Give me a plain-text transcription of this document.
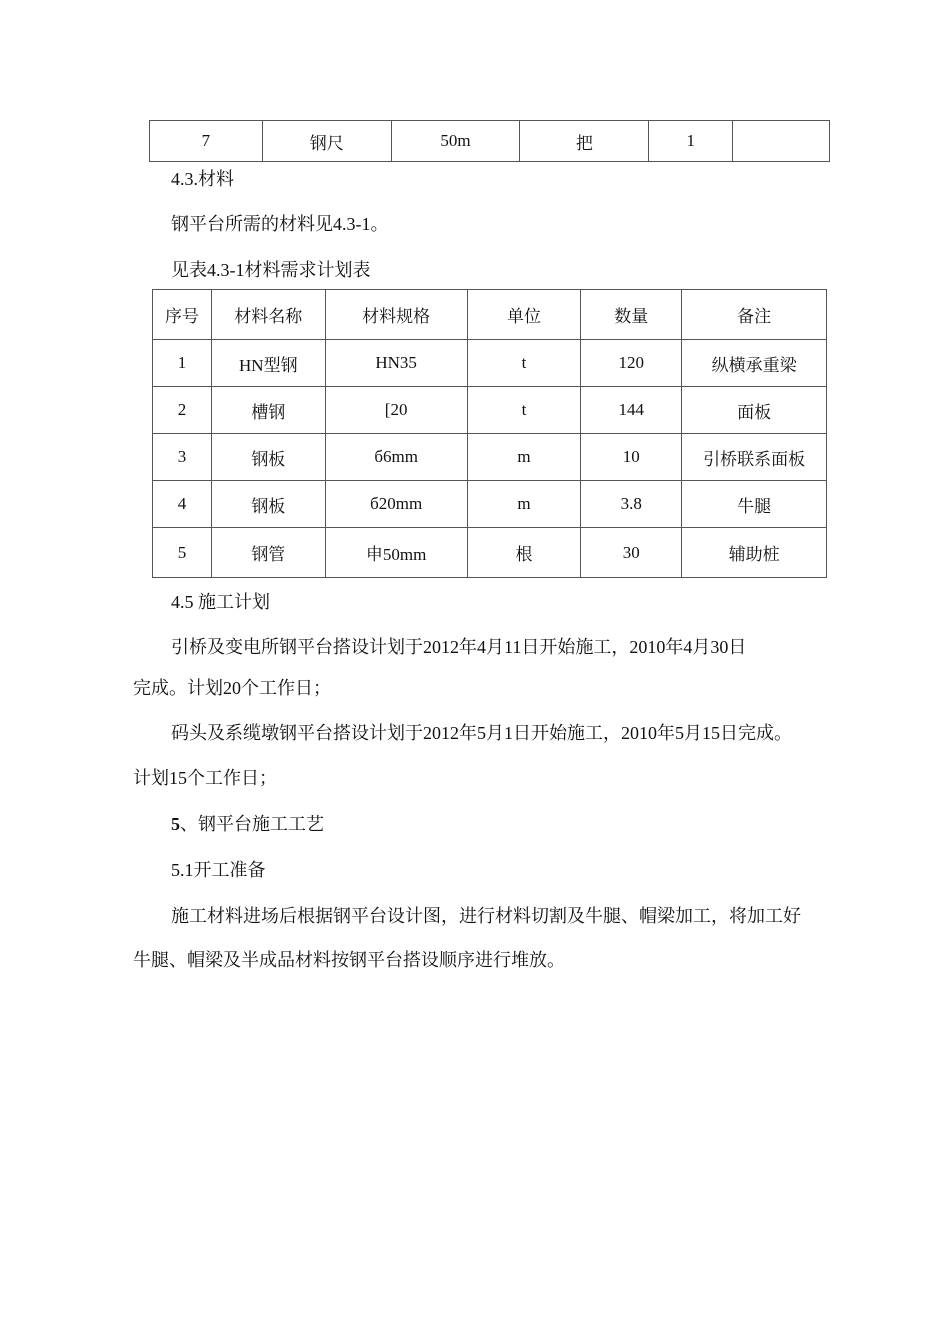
7	钢尺	50m	把	1	

4.3.材料

钢平台所需的材料见4.3-1。

见表4.3-1材料需求计划表

序号	材料名称	材料规格	单位	数量	备注
1	HN型钢	HN35	t	120	纵横承重梁
2	槽钢	[20	t	144	面板
3	钢板	б6mm	m	10	引桥联系面板
4	钢板	б20mm	m	3.8	牛腿
5	钢管	申50mm	根	30	辅助桩

4.5 施工计划

引桥及变电所钢平台搭设计划于2012年4月11日开始施工，2010年4月30日

完成。计划20个工作日；

码头及系缆墩钢平台搭设计划于2012年5月1日开始施工，2010年5月15日完成。

计划15个工作日；

5、钢平台施工工艺

5.1开工准备

施工材料进场后根据钢平台设计图，进行材料切割及牛腿、帽梁加工，将加工好

牛腿、帽梁及半成品材料按钢平台搭设顺序进行堆放。
